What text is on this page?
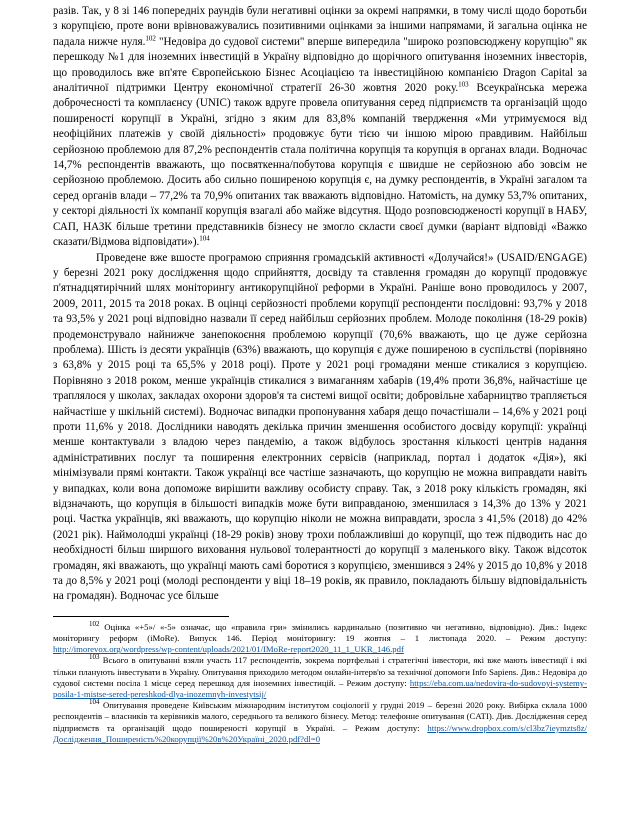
разів. Так, у 8 зі 146 попередніх раундів були негативні оцінки за окремі напрямки, в тому числі щодо боротьби з корупцією, проте вони врівноважувались позитивними оцінками за іншими напрямами, й загальна оцінка не падала нижче нуля.$^{102}$ "Недовіра до судової системи" вперше випередила "широко розповсюджену корупцію" як перешкоду №1 для іноземних інвестицій в Україну відповідно до щорічного опитування іноземних інвесторів, що проводилось вже вп'яте Європейською Бізнес Асоціацією та інвестиційною компанією Dragon Capital за аналітичної підтримки Центру економічної стратегії 26-30 жовтня 2020 року.$^{103}$ Всеукраїнська мережа доброчесності та комплаєнсу (UNIC) також вдруге провела опитування серед підприємств та організацій щодо поширеності корупції в Україні, згідно з яким для 83,8% компаній твердження «Ми утримуємося від неофіційних платежів у своїй діяльності» продовжує бути тією чи іншою мірою правдивим. Найбільш серйозною проблемою для 87,2% респондентів стала політична корупція та корупція в органах влади. Водночас 14,7% респондентів вважають, що посвяткенна/побутова корупція є швидше не серйозною або зовсім не серйозною проблемою. Досить або сильно поширеною корупція є, на думку респондентів, в Україні загалом та серед органів влади – 77,2% та 70,9% опитаних так вважають відповідно. Натомість, на думку 53,7% опитаних, у секторі діяльності їх компанії корупція взагалі або майже відсутня. Щодо розповсюдженості корупції в НАБУ, САП, НАЗК більше третини представників бізнесу не змогло скласти своєї думки (варіант відповіді «Важко сказати/Відмова відповідати»).$^{104}$

Проведене вже вшосте програмою сприяння громадській активності «Долучайся!» (USAID/ENGAGE) у березні 2021 року дослідження щодо сприйняття, досвіду та ставлення громадян до корупції продовжує п'ятнадцятирічний шлях моніторингу антикорупційної реформи в Україні. Раніше воно проводилось у 2007, 2009, 2011, 2015 та 2018 роках. В оцінці серйозності проблеми корупції респонденти послідовні: 93,7% у 2018 та 93,5% у 2021 році відповідно назвали її серед найбільш серйозних проблем. Молоде покоління (18-29 років) продемонструвало найнижче занепокоєння проблемою корупції (70,6% вважають, що це дуже серйозна проблема). Шість із десяти українців (63%) вважають, що корупція є дуже поширеною в суспільстві (порівняно з 63,8% у 2015 році та 65,5% у 2018 році). Проте у 2021 році громадяни менше стикалися з корупцією. Порівняно з 2018 роком, менше українців стикалися з вимаганням хабарів (19,4% проти 36,8%, найчастіше це траплялося у школах, закладах охорони здоров'я та системі вищої освіти; добровільне хабарництво трапляється найчастіше у шкільній системі). Водночас випадки пропонування хабаря дещо почастішали – 14,6% у 2021 році проти 11,6% у 2018. Дослідники наводять декілька причин зменшення особистого досвіду корупції: українці менше контактували з владою через пандемію, а також відбулось зростання кількості центрів надання адміністративних послуг та поширення електронних сервісів (наприклад, портал і додаток «Дія»), які мінімізували прямі контакти. Також українці все частіше зазначають, що корупцію не можна виправдати навіть у випадках, коли вона допоможе вирішити важливу особисту справу. Так, з 2018 року кількість громадян, які відзначають, що корупція в більшості випадків може бути виправданою, зменшилася з 14,3% до 13% у 2021 році. Частка українців, які вважають, що корупцію ніколи не можна виправдати, зросла з 41,5% (2018) до 42% (2021 рік). Наймолодші українці (18-29 років) знову трохи поблажливіші до корупції, що теж підводить нас до необхідності більш ширшого виховання нульової толерантності до корупції з маленького віку. Також відсоток громадян, які вважають, що українці мають самі боротися з корупцією, зменшився з 24% у 2015 до 10,8% у 2018 та до 8,5% у 2021 році (молоді респонденти у віці 18–19 років, як правило, покладають більшу відповідальність на громадян). Водночас усе більше

$^{102}$ Оцінка «+5»/ «-5» означає, що «правила гри» змінились кардинально (позитивно чи негативно, відповідно). Див.: Індекс моніторингу реформ (iMoRe). Випуск 146. Період моніторингу: 19 жовтня – 1 листопада 2020. – Режим доступу: http://imorevox.org/wordpress/wp-content/uploads/2021/01/IMoRe-report2020_11_1_UKR_146.pdf

$^{103}$ Всього в опитуванні взяли участь 117 респондентів, зокрема портфельні і стратегічні інвестори, які вже мають інвестиції і які тільки планують інвестувати в Україну. Опитування приходило методом онлайн-інтерв'ю за технічної допомоги Info Sapiens. Див.: Недовіра до судової системи посіла 1 місце серед перешкод для іноземних інвестицій. – Режим доступу: https://eba.com.ua/nedovira-do-sudovoyi-systemy-posila-1-mistse-sered-pereshkod-dlya-inozemnyh-investytsij/

$^{104}$ Опитування проведене Київським міжнародним інститутом соціології у грудні 2019 – березні 2020 року. Вибірка склала 1000 респондентів – власників та керівників малого, середнього та великого бізнесу. Метод: телефонне опитування (CATI). Див. Дослідження серед підприємств та організацій щодо поширеності корупції в Україні. – Режим доступу: https://www.dropbox.com/s/cl3bz7ieymzts8z/Дослідження_Поширеність%20корупції%20в%20Україні_2020.pdf?dl=0
